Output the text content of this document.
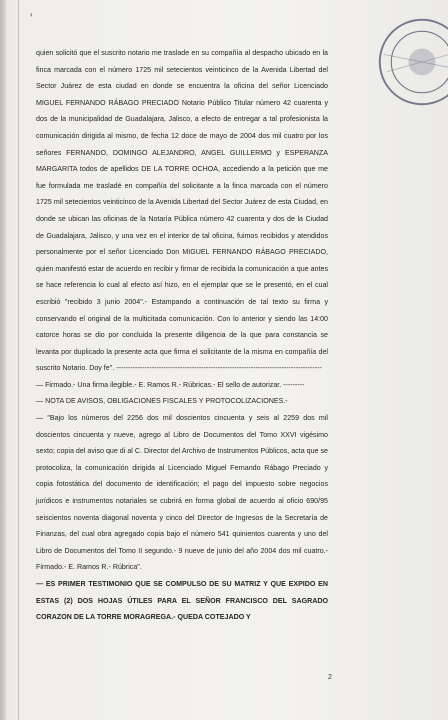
'

quien solicitó que el suscrito notario me traslade en su compañía al despacho ubicado en la finca marcada con el número 1725 mil setecientos veinticinco de la Avenida Libertad del Sector Juárez de esta ciudad en donde se encuentra la oficina del señor Licenciado MIGUEL FERNANDO RÁBAGO PRECIADO Notario Público Titular número 42 cuarenta y dos de la municipalidad de Guadalajara, Jalisco, a efecto de entregar a tal profesionista la comunicación dirigida al mismo, de fecha 12 doce de mayo de 2004 dos mil cuatro por los señores FERNANDO, DOMINGO ALEJANDRO, ANGEL GUILLERMO y ESPERANZA MARGARITA todos de apellidos DE LA TORRE OCHOA, accediendo a la petición que me fue formulada me trasladé en compañía del solicitante a la finca marcada con el número 1725 mil setecientos veinticinco de la Avenida Libertad del Sector Juárez de esta Ciudad, en donde se ubican las oficinas de la Notaría Pública número 42 cuarenta y dos de la Ciudad de Guadalajara, Jalisco, y una vez en el interior de tal oficina, fuimos recibidos y atendidos personalmente por el señor Licenciado Don MIGUEL FERNANDO RÁBAGO PRECIADO, quien manifestó estar de acuerdo en recibir y firmar de recibida la comunicación a que antes se hace referencia lo cual al efecto así hizo, en el ejemplar que se le presentó, en el cual escribió "recibido 3 junio 2004".- Estampando a continuación de tal texto su firma y conservando el original de la multicitada comunicación. Con lo anterior y siendo las 14:00 catorce horas se dio por concluida la presente diligencia de la que para constancia se levanta por duplicado la presente acta que firma el solicitante de la misma en compañía del suscrito Notario. Doy fe". -----

— Firmado.- Una firma ilegible.- E. Ramos R.- Rúbricas.- El sello de autorizar. ---------

— NOTA DE AVISOS, OBLIGACIONES FISCALES Y PROTOCOLIZACIONES.-

— "Bajo los números del 2256 dos mil doscientos cincuenta y seis al 2259 dos mil doscientos cincuenta y nueve, agrego al Libro de Documentos del Tomo XXVI vigésimo sexto; copia del aviso que di al C. Director del Archivo de Instrumentos Públicos, acta que se protocoliza, la comunicación dirigida al Licenciado Miguel Fernando Rábago Preciado y copia fotostática del documento de identificación; el pago del impuesto sobre negocios jurídicos e instrumentos notariales se cubrirá en forma global de acuerdo al oficio 690/95 seiscientos noventa diagonal noventa y cinco del Director de Ingresos de la Secretaría de Finanzas, del cual obra agregado copia bajo el número 541 quinientos cuarenta y uno del Libro de Documentos del Tomo II segundo.- 9 nueve de junio del año 2004 dos mil cuatro.- Firmado.- E. Ramos R.- Rúbrica".

— ES PRIMER TESTIMONIO QUE SE COMPULSO DE SU MATRIZ Y QUE EXPIDO EN ESTAS (2) DOS HOJAS ÚTILES PARA EL SEÑOR FRANCISCO DEL SAGRADO CORAZON DE LA TORRE MORAGREGA.- QUEDA COTEJADO Y

2
